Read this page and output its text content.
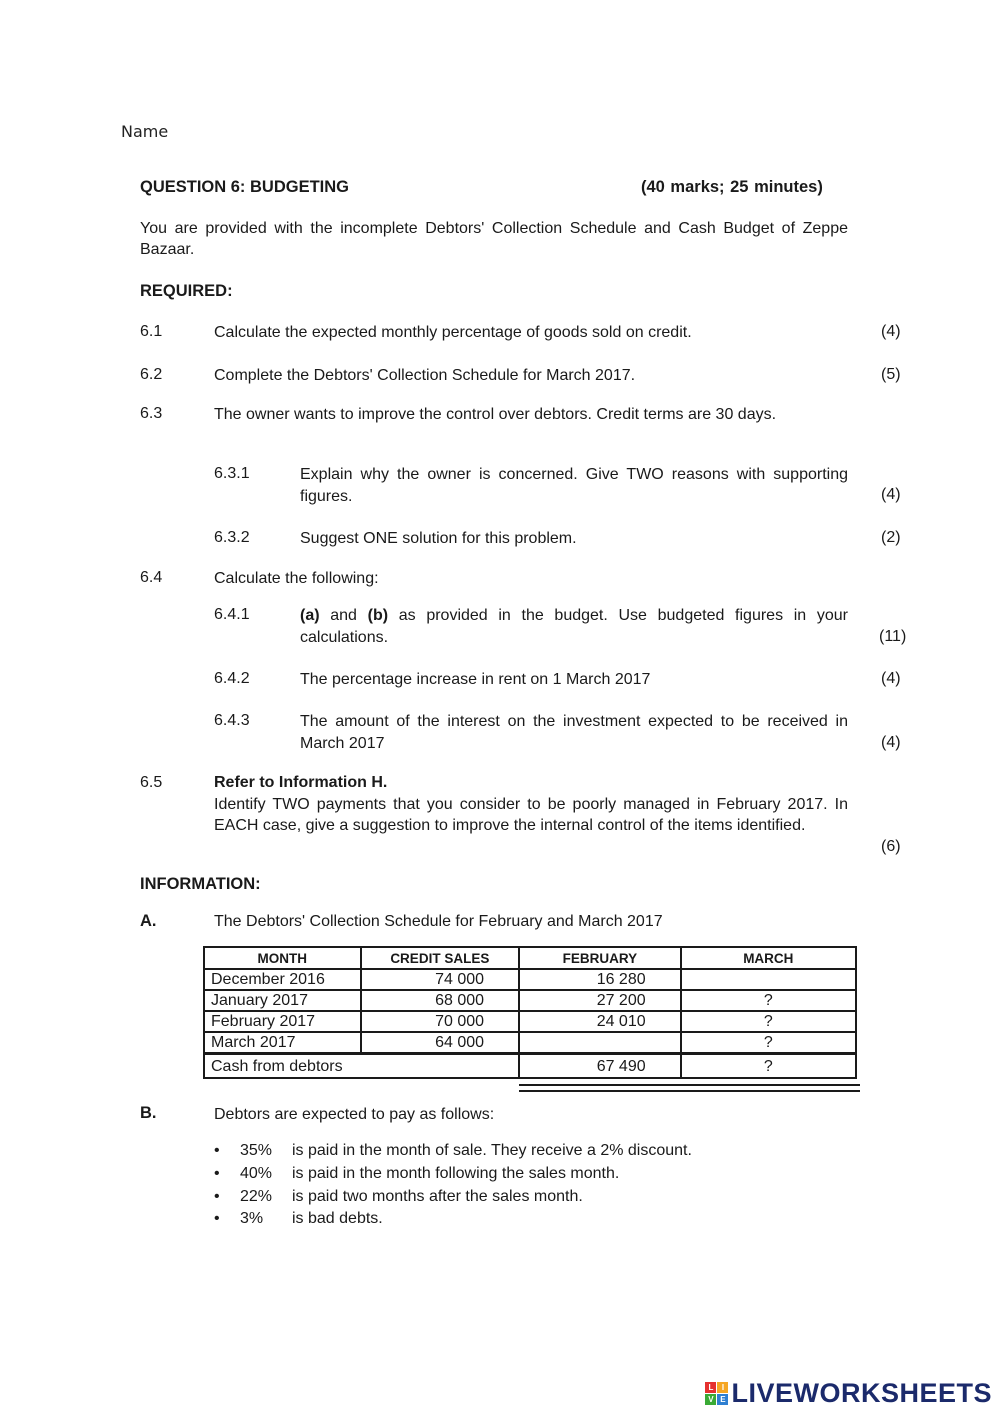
Name
QUESTION 6: BUDGETING	(40 marks; 25 minutes)
You are provided with the incomplete Debtors' Collection Schedule and Cash Budget of Zeppe Bazaar.
REQUIRED:
6.1	Calculate the expected monthly percentage of goods sold on credit.	(4)
6.2	Complete the Debtors' Collection Schedule for March 2017.	(5)
6.3	The owner wants to improve the control over debtors. Credit terms are 30 days.
6.3.1	Explain why the owner is concerned. Give TWO reasons with supporting figures.	(4)
6.3.2	Suggest ONE solution for this problem.	(2)
6.4	Calculate the following:
6.4.1	(a) and (b) as provided in the budget. Use budgeted figures in your calculations.	(11)
6.4.2	The percentage increase in rent on 1 March 2017	(4)
6.4.3	The amount of the interest on the investment expected to be received in March 2017	(4)
6.5	Refer to Information H.
Identify TWO payments that you consider to be poorly managed in February 2017. In EACH case, give a suggestion to improve the internal control of the items identified.
(6)
INFORMATION:
A.	The Debtors' Collection Schedule for February and March 2017
MONTH	CREDIT SALES	FEBRUARY	MARCH
December 2016	74 000	16 280	
January 2017	68 000	27 200	?
February 2017	70 000	24 010	?
March 2017	64 000		?
Cash from debtors		67 490	?
B.	Debtors are expected to pay as follows:
• 35% is paid in the month of sale. They receive a 2% discount.
• 40% is paid in the month following the sales month.
• 22% is paid two months after the sales month.
• 3% is bad debts.
L	I
V E LIVEWORKSHEETS
